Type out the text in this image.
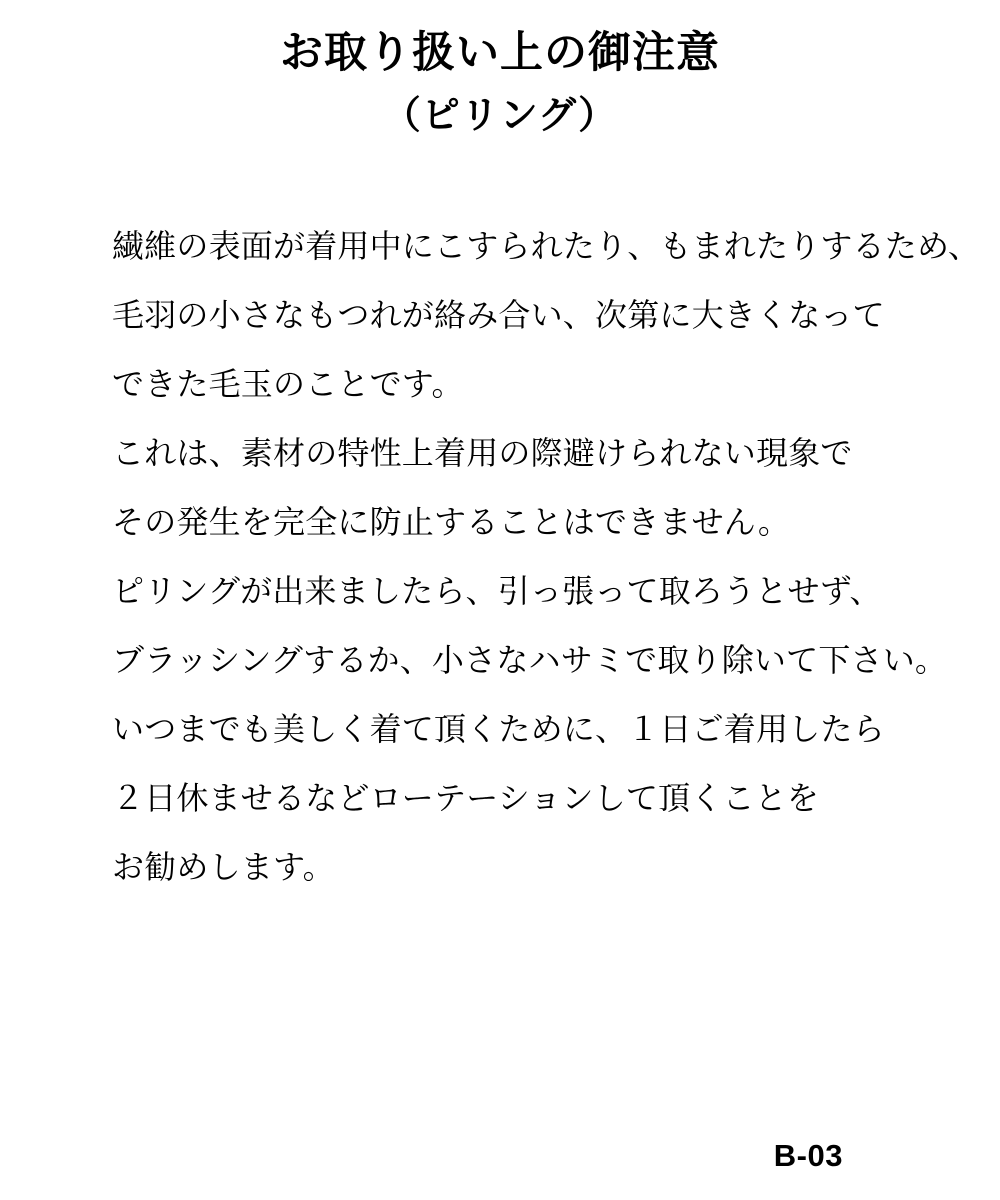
お取り扱い上の御注意
（ピリング）
繊維の表面が着用中にこすられたり、もまれたりするため、
毛羽の小さなもつれが絡み合い、次第に大きくなって
できた毛玉のことです。
これは、素材の特性上着用の際避けられない現象で
その発生を完全に防止することはできません。
ピリングが出来ましたら、引っ張って取ろうとせず、
ブラッシングするか、小さなハサミで取り除いて下さい。
いつまでも美しく着て頂くために、１日ご着用したら
２日休ませるなどローテーションして頂くことを
お勧めします。
B-03
